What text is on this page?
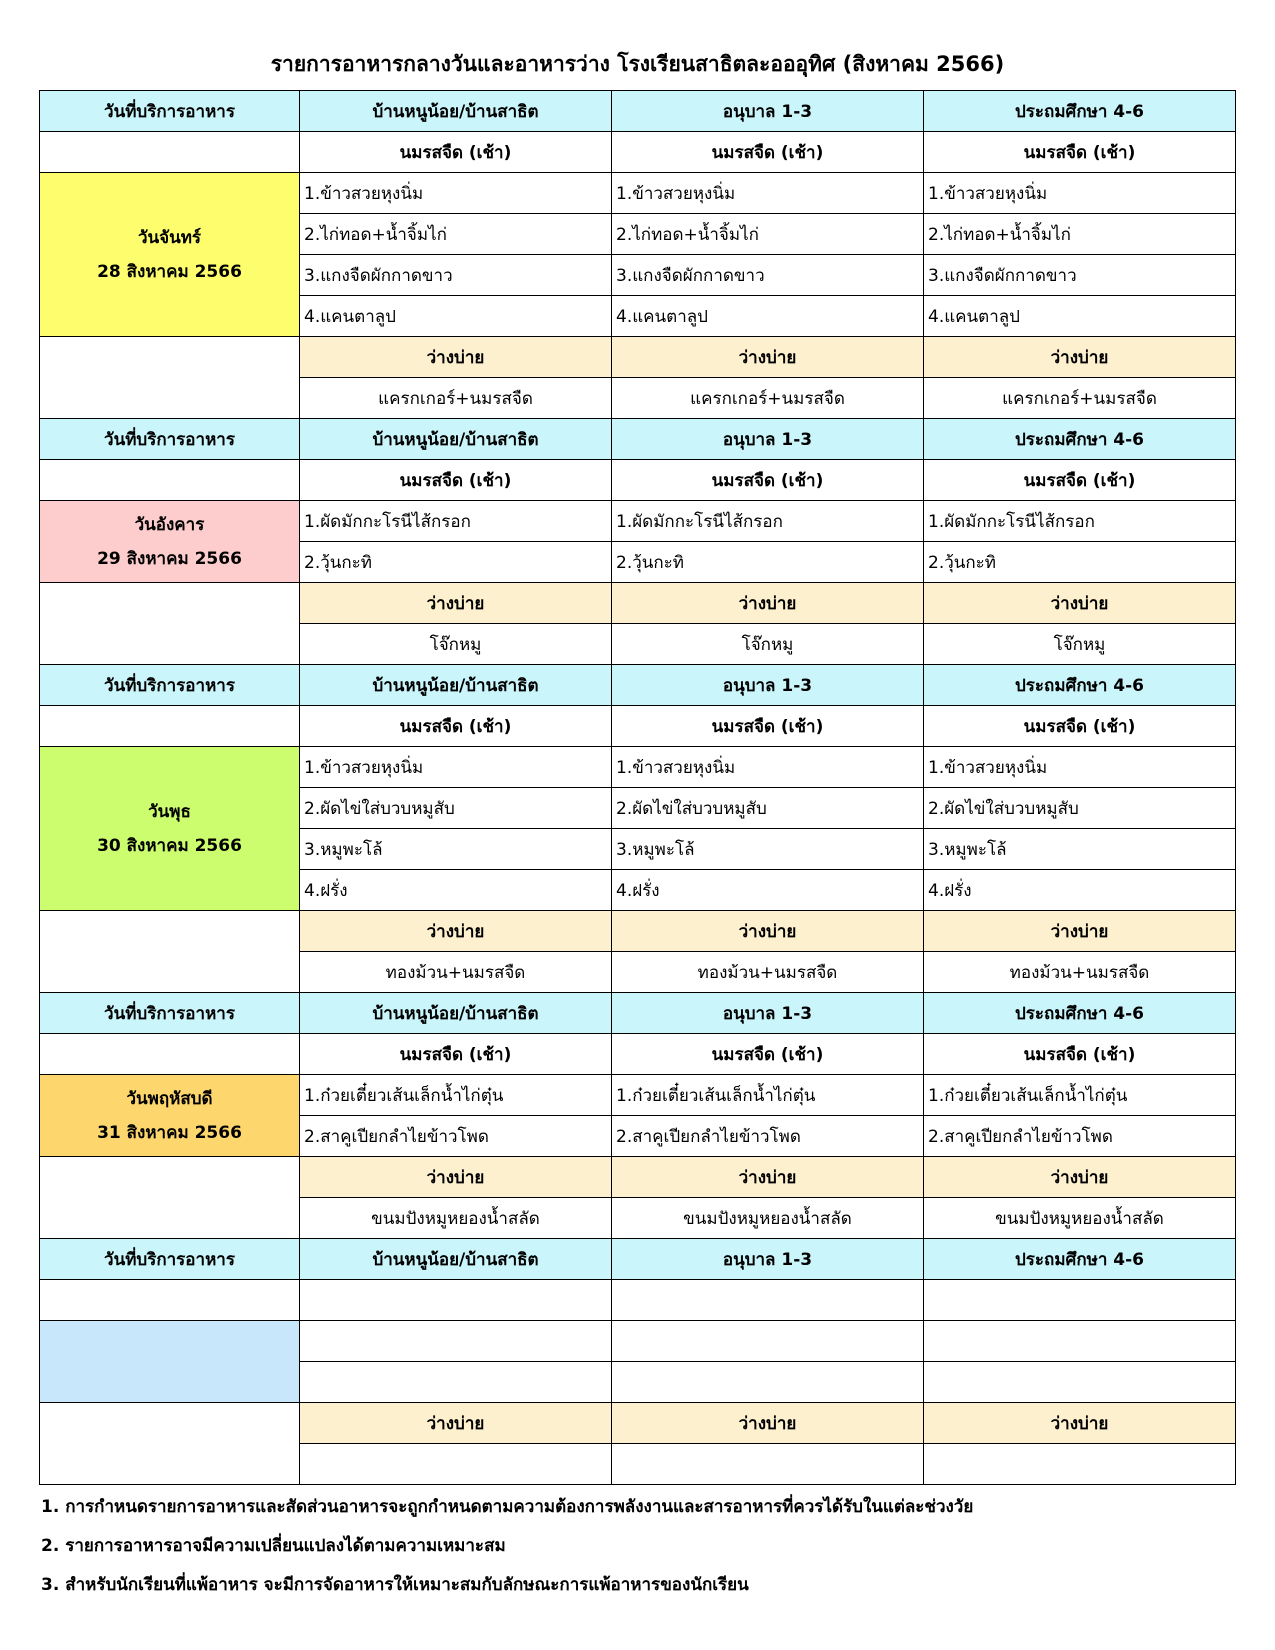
รายการอาหารกลางวันและอาหารว่าง โรงเรียนสาธิตละอออุทิศ (สิงหาคม 2566)
วันที่บริการอาหาร	บ้านหนูน้อย/บ้านสาธิต	อนุบาล 1-3	ประถมศึกษา 4-6
	นมรสจืด (เช้า)	นมรสจืด (เช้า)	นมรสจืด (เช้า)

วันจันทร์
28 สิงหาคม 2566	1.ข้าวสวยหุงนิ่ม	1.ข้าวสวยหุงนิ่ม	1.ข้าวสวยหุงนิ่ม
	2.ไก่ทอด+น้ำจิ้มไก่	2.ไก่ทอด+น้ำจิ้มไก่	2.ไก่ทอด+น้ำจิ้มไก่
	3.แกงจืดผักกาดขาว	3.แกงจืดผักกาดขาว	3.แกงจืดผักกาดขาว
	4.แคนตาลูป	4.แคนตาลูป	4.แคนตาลูป
	ว่างบ่าย	ว่างบ่าย	ว่างบ่าย
	แครกเกอร์+นมรสจืด	แครกเกอร์+นมรสจืด	แครกเกอร์+นมรสจืด
วันที่บริการอาหาร	บ้านหนูน้อย/บ้านสาธิต	อนุบาล 1-3	ประถมศึกษา 4-6
	นมรสจืด (เช้า)	นมรสจืด (เช้า)	นมรสจืด (เช้า)

วันอังคาร
29 สิงหาคม 2566	1.ผัดมักกะโรนีไส้กรอก	1.ผัดมักกะโรนีไส้กรอก	1.ผัดมักกะโรนีไส้กรอก
	2.วุ้นกะทิ	2.วุ้นกะทิ	2.วุ้นกะทิ
	ว่างบ่าย	ว่างบ่าย	ว่างบ่าย
	โจ๊กหมู	โจ๊กหมู	โจ๊กหมู
วันที่บริการอาหาร	บ้านหนูน้อย/บ้านสาธิต	อนุบาล 1-3	ประถมศึกษา 4-6
	นมรสจืด (เช้า)	นมรสจืด (เช้า)	นมรสจืด (เช้า)

วันพุธ
30 สิงหาคม 2566	1.ข้าวสวยหุงนิ่ม	1.ข้าวสวยหุงนิ่ม	1.ข้าวสวยหุงนิ่ม
	2.ผัดไข่ใส่บวบหมูสับ	2.ผัดไข่ใส่บวบหมูสับ	2.ผัดไข่ใส่บวบหมูสับ
	3.หมูพะโล้	3.หมูพะโล้	3.หมูพะโล้
	4.ฝรั่ง	4.ฝรั่ง	4.ฝรั่ง
	ว่างบ่าย	ว่างบ่าย	ว่างบ่าย
	ทองม้วน+นมรสจืด	ทองม้วน+นมรสจืด	ทองม้วน+นมรสจืด
วันที่บริการอาหาร	บ้านหนูน้อย/บ้านสาธิต	อนุบาล 1-3	ประถมศึกษา 4-6
	นมรสจืด (เช้า)	นมรสจืด (เช้า)	นมรสจืด (เช้า)

วันพฤหัสบดี
31 สิงหาคม 2566	1.ก๋วยเตี๋ยวเส้นเล็กน้ำไก่ตุ๋น	1.ก๋วยเตี๋ยวเส้นเล็กน้ำไก่ตุ๋น	1.ก๋วยเตี๋ยวเส้นเล็กน้ำไก่ตุ๋น
	2.สาคูเปียกลำไยข้าวโพด	2.สาคูเปียกลำไยข้าวโพด	2.สาคูเปียกลำไยข้าวโพด
	ว่างบ่าย	ว่างบ่าย	ว่างบ่าย
	ขนมปังหมูหยองน้ำสลัด	ขนมปังหมูหยองน้ำสลัด	ขนมปังหมูหยองน้ำสลัด
วันที่บริการอาหาร	บ้านหนูน้อย/บ้านสาธิต	อนุบาล 1-3	ประถมศึกษา 4-6

	ว่างบ่าย	ว่างบ่าย	ว่างบ่าย

1. การกำหนดรายการอาหารและสัดส่วนอาหารจะถูกกำหนดตามความต้องการพลังงานและสารอาหารที่ควรได้รับในแต่ละช่วงวัย
2. รายการอาหารอาจมีความเปลี่ยนแปลงได้ตามความเหมาะสม
3. สำหรับนักเรียนที่แพ้อาหาร จะมีการจัดอาหารให้เหมาะสมกับลักษณะการแพ้อาหารของนักเรียน
